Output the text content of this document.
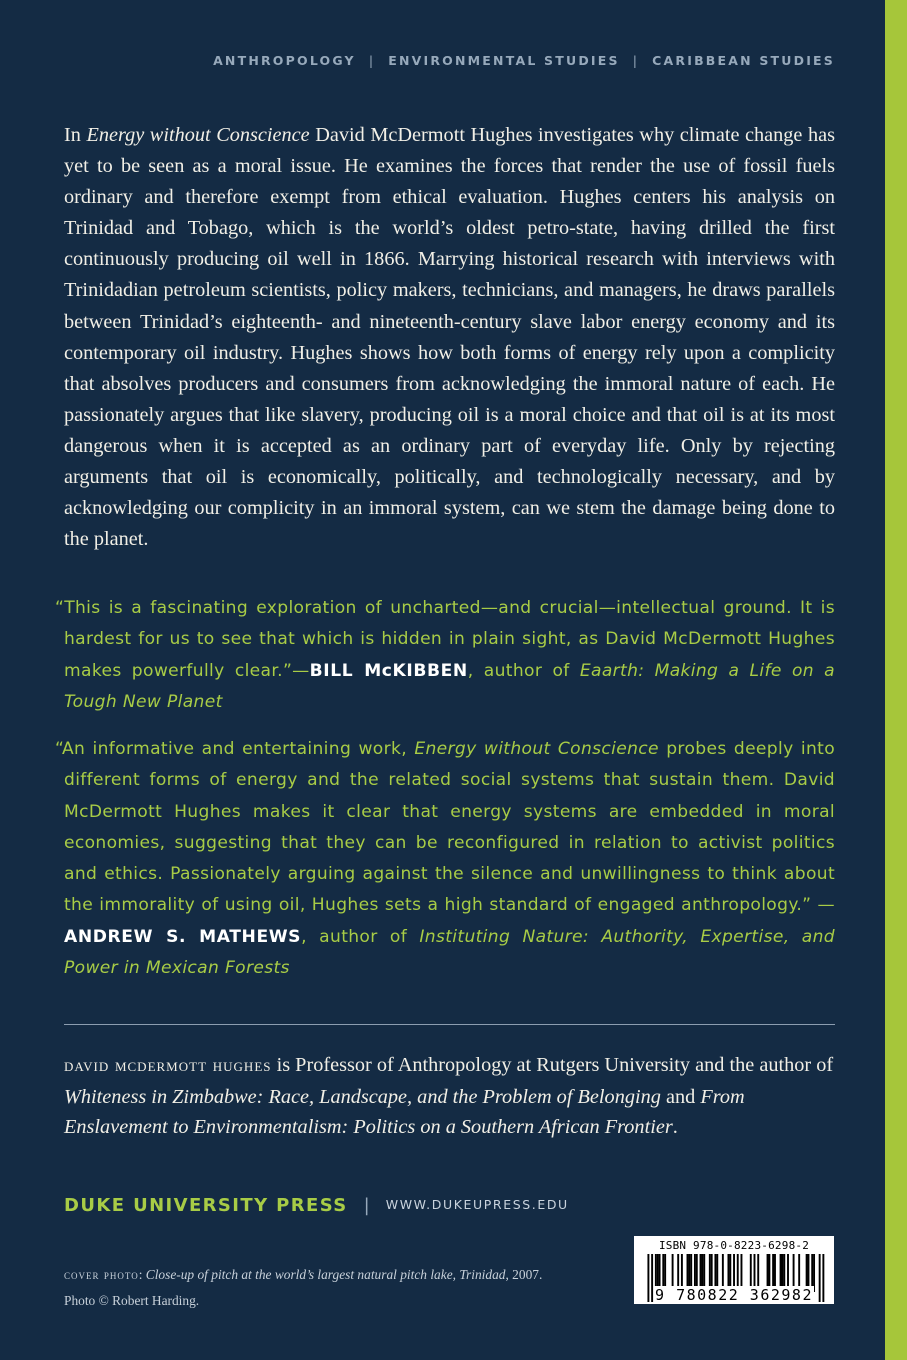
ANTHROPOLOGY | ENVIRONMENTAL STUDIES | CARIBBEAN STUDIES

In Energy without Conscience David McDermott Hughes investigates why climate change has yet to be seen as a moral issue. He examines the forces that render the use of fossil fuels ordinary and therefore exempt from ethical evaluation. Hughes centers his analysis on Trinidad and Tobago, which is the world’s oldest petro-state, having drilled the first continuously producing oil well in 1866. Marrying historical research with interviews with Trinidadian petroleum scientists, policy makers, technicians, and managers, he draws parallels between Trinidad’s eighteenth- and nineteenth-century slave labor energy economy and its contemporary oil industry. Hughes shows how both forms of energy rely upon a complicity that absolves producers and consumers from acknowledging the immoral nature of each. He passionately argues that like slavery, producing oil is a moral choice and that oil is at its most dangerous when it is accepted as an ordinary part of everyday life. Only by rejecting arguments that oil is economically, politically, and technologically necessary, and by acknowledging our complicity in an immoral system, can we stem the damage being done to the planet.

“This is a fascinating exploration of uncharted—and crucial—intellectual ground. It is hardest for us to see that which is hidden in plain sight, as David McDermott Hughes makes powerfully clear.”—BILL McKIBBEN, author of Eaarth: Making a Life on a Tough New Planet

“An informative and entertaining work, Energy without Conscience probes deeply into different forms of energy and the related social systems that sustain them. David McDermott Hughes makes it clear that energy systems are embedded in moral economies, suggesting that they can be reconfigured in relation to activist politics and ethics. Passionately arguing against the silence and unwillingness to think about the immorality of using oil, Hughes sets a high standard of engaged anthropology.” —ANDREW S. MATHEWS, author of Instituting Nature: Authority, Expertise, and Power in Mexican Forests

david mcdermott hughes is Professor of Anthropology at Rutgers University and the author of Whiteness in Zimbabwe: Race, Landscape, and the Problem of Belonging and From Enslavement to Environmentalism: Politics on a Southern African Frontier.

DUKE UNIVERSITY PRESS | WWW.DUKEUPRESS.EDU

cover photo: Close-up of pitch at the world’s largest natural pitch lake, Trinidad, 2007. Photo © Robert Harding.

ISBN 978-0-8223-6298-2
9 780822 362982
